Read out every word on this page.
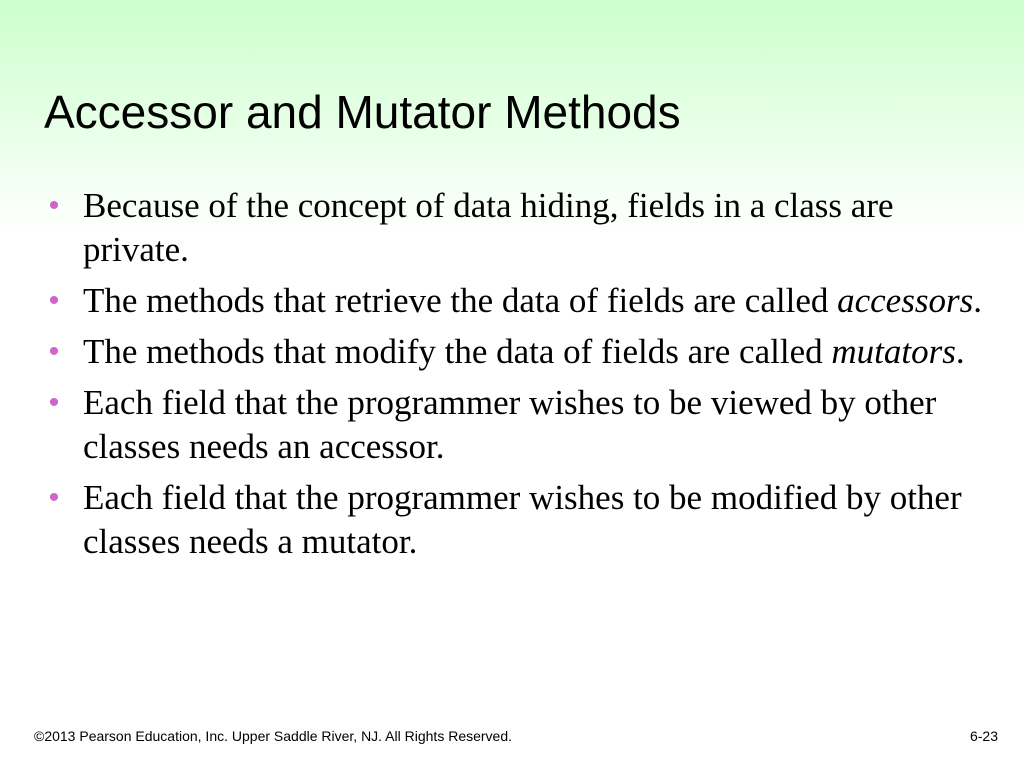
Accessor and Mutator Methods
• Because of the concept of data hiding, fields in a class are private.
• The methods that retrieve the data of fields are called accessors.
• The methods that modify the data of fields are called mutators.
• Each field that the programmer wishes to be viewed by other classes needs an accessor.
• Each field that the programmer wishes to be modified by other classes needs a mutator.
©2013 Pearson Education, Inc. Upper Saddle River, NJ. All Rights Reserved.	6-23
